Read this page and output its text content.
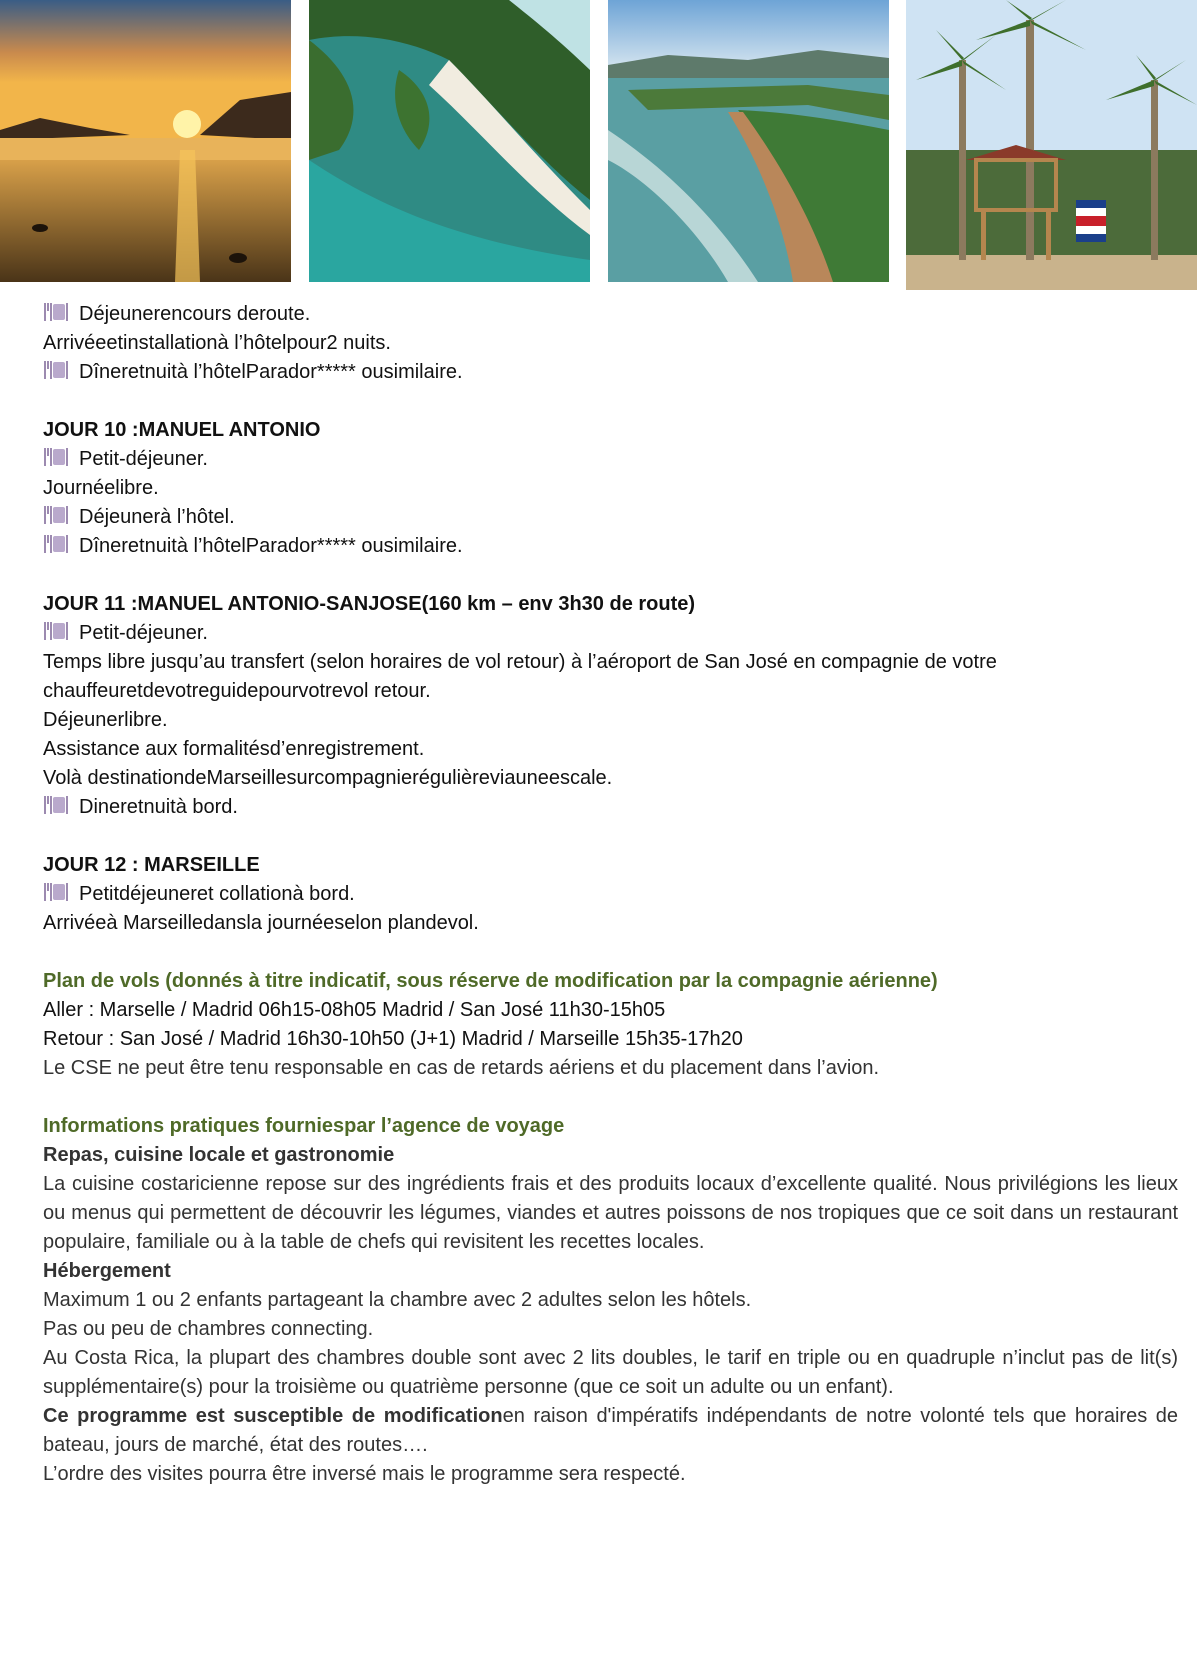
Déjeunerencours deroute.
Arrivéeetinstallationà l’hôtelpour2 nuits.
Dîneretnuità l’hôtelParador***** ousimilaire.
JOUR 10 :MANUEL ANTONIO
Petit-déjeuner.
Journéelibre.
Déjeunerà l’hôtel.
Dîneretnuità l’hôtelParador***** ousimilaire.
JOUR 11 :MANUEL ANTONIO-SANJOSE(160 km – env 3h30 de route)
Petit-déjeuner.
Temps libre jusqu’au transfert (selon horaires de vol retour) à l’aéroport de San José en compagnie de votre
chauffeuretdevotreguidepourvotrevol retour.
Déjeunerlibre.
Assistance aux formalitésd’enregistrement.
Volà destinationdeMarseillesurcompagnierégulièreviauneescale.
Dineretnuità bord.
JOUR 12 : MARSEILLE
Petitdéjeuneret collationà bord.
Arrivéeà Marseilledansla journéeselon plandevol.
Plan de vols (donnés à titre indicatif, sous réserve de modification par la compagnie aérienne)
Aller : Marselle / Madrid 06h15-08h05 Madrid / San José 11h30-15h05
Retour : San José / Madrid 16h30-10h50 (J+1) Madrid / Marseille 15h35-17h20
Le CSE ne peut être tenu responsable en cas de retards aériens et du placement dans l’avion.
Informations pratiques fourniespar l’agence de voyage
Repas, cuisine locale et gastronomie
La cuisine costaricienne repose sur des ingrédients frais et des produits locaux d’excellente qualité. Nous privilégions les lieux ou menus qui permettent de découvrir les légumes, viandes et autres poissons de nos tropiques que ce soit dans un restaurant populaire, familiale ou à la table de chefs qui revisitent les recettes locales.
Hébergement
Maximum 1 ou 2 enfants partageant la chambre avec 2 adultes selon les hôtels.
Pas ou peu de chambres connecting.
Au Costa Rica, la plupart des chambres double sont avec 2 lits doubles, le tarif en triple ou en quadruple n’inclut pas de lit(s) supplémentaire(s) pour la troisième ou quatrième personne (que ce soit un adulte ou un enfant).
Ce programme est susceptible de modificationen raison d'impératifs indépendants de notre volonté tels que horaires de bateau, jours de marché, état des routes….
L’ordre des visites pourra être inversé mais le programme sera respecté.
